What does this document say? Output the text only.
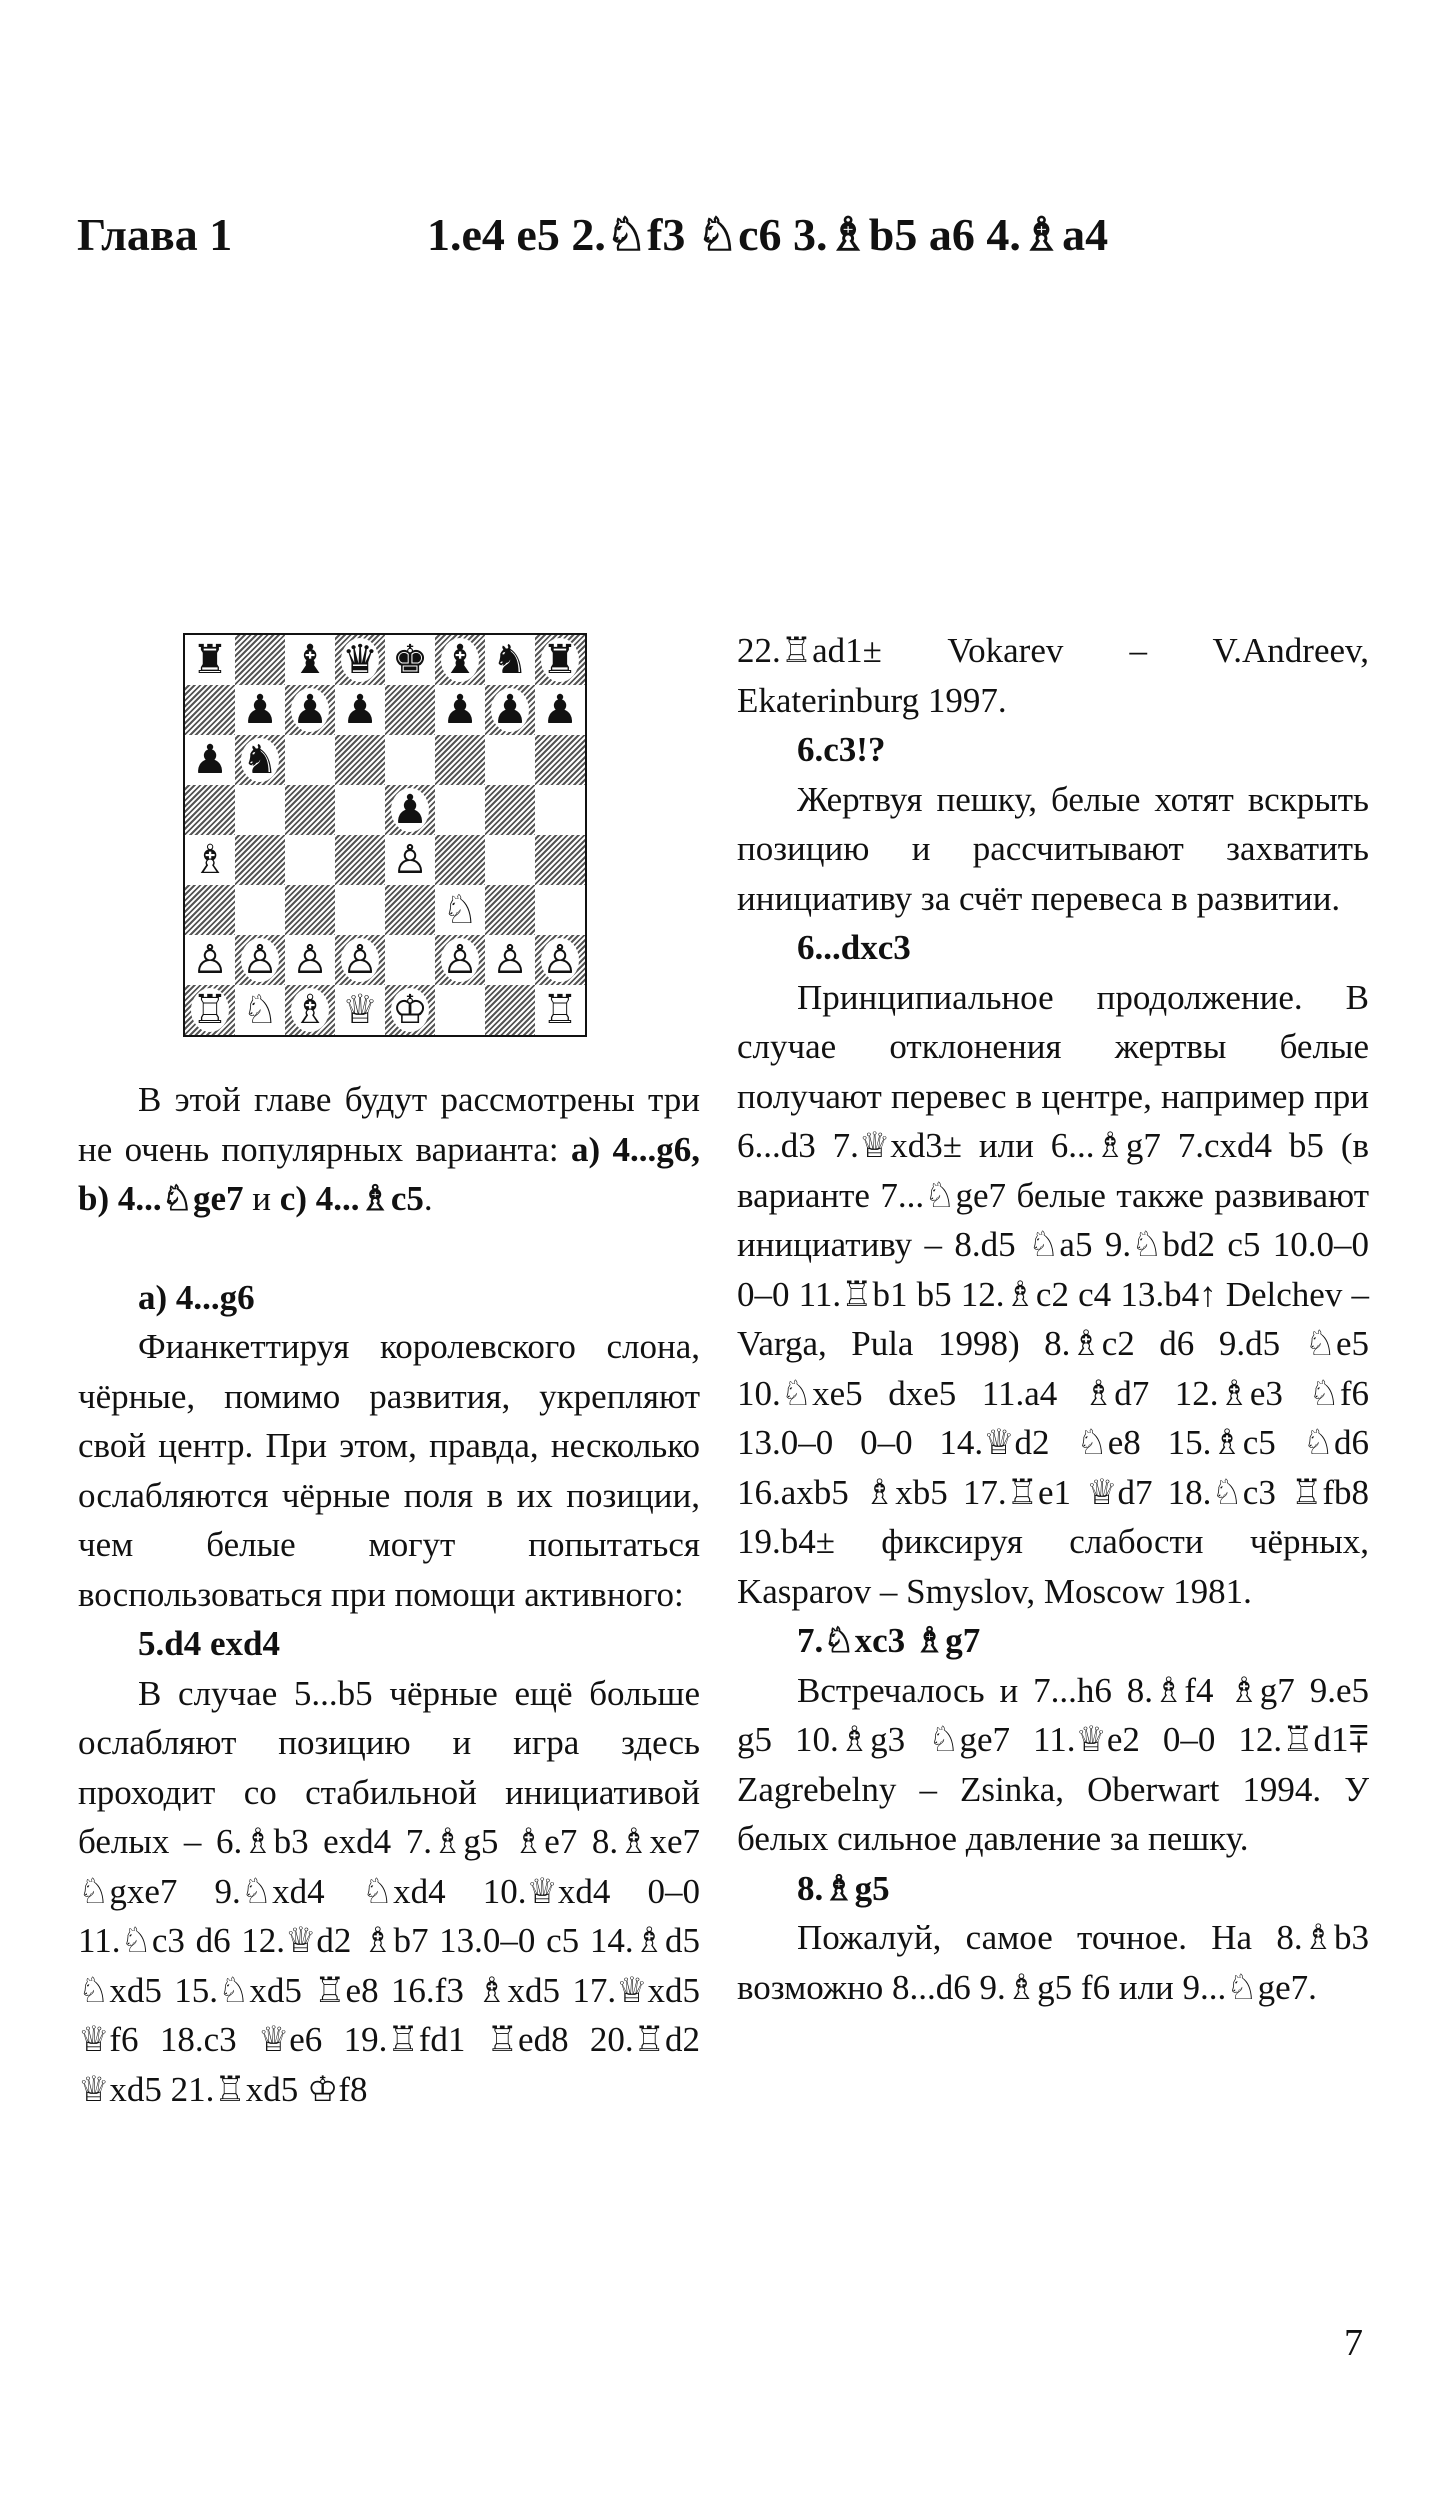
Глава 1	1.e4 e5 2.♘f3 ♘c6 3.♗b5 a6 4.♗a4
♜ ♝ ♛ ♚ ♝ ♞ ♜
♟ ♟ ♟ ♟ ♟ ♟
♟ ♞
♟
♗	♙
♘
♙ ♙ ♙ ♙ ♙ ♙ ♙
♖ ♘ ♗ ♕ ♔	♖

В этой главе будут рассмотрены три не очень популярных варианта: а) 4...g6, b) 4...♘ge7 и с) 4...♗c5.

а) 4...g6

Фианкеттируя королевского слона, чёрные, помимо развития, укрепляют свой центр. При этом, правда, несколько ослабляются чёрные поля в их позиции, чем белые могут попытаться воспользоваться при помощи активного:

5.d4 exd4

В случае 5...b5 чёрные ещё больше ослабляют позицию и игра здесь проходит со стабильной инициативой белых – 6.♗b3 exd4 7.♗g5 ♗e7 8.♗xe7 ♘gxe7 9.♘xd4 ♘xd4 10.♕xd4 0–0 11.♘c3 d6 12.♕d2 ♗b7 13.0–0 c5 14.♗d5 ♘xd5 15.♘xd5 ♖e8 16.f3 ♗xd5 17.♕xd5 ♕f6 18.c3 ♕e6 19.♖fd1 ♖ed8 20.♖d2 ♕xd5 21.♖xd5 ♔f8

22.♖ad1± Vokarev – V.Andreev, Ekaterinburg 1997.

6.c3!?

Жертвуя пешку, белые хотят вскрыть позицию и рассчитывают захватить инициативу за счёт перевеса в развитии.

6...dxc3

Принципиальное продолжение. В случае отклонения жертвы белые получают перевес в центре, например при 6...d3 7.♕xd3± или 6...♗g7 7.cxd4 b5 (в варианте 7...♘ge7 белые также развивают инициативу – 8.d5 ♘a5 9.♘bd2 c5 10.0–0 0–0 11.♖b1 b5 12.♗c2 c4 13.b4↑ Delchev – Varga, Pula 1998) 8.♗c2 d6 9.d5 ♘e5 10.♘xe5 dxe5 11.a4 ♗d7 12.♗e3 ♘f6 13.0–0 0–0 14.♕d2 ♘e8 15.♗c5 ♘d6 16.axb5 ♗xb5 17.♖e1 ♕d7 18.♘c3 ♖fb8 19.b4± фиксируя слабости чёрных, Kasparov – Smyslov, Moscow 1981.

7.♘xc3 ♗g7

Встречалось и 7...h6 8.♗f4 ♗g7 9.e5 g5 10.♗g3 ♘ge7 11.♕e2 0–0 12.♖d1⩱ Zagrebelny – Zsinka, Oberwart 1994. У белых сильное давление за пешку.

8.♗g5

Пожалуй, самое точное. На 8.♗b3 возможно 8...d6 9.♗g5 f6 или 9...♘ge7.

7
